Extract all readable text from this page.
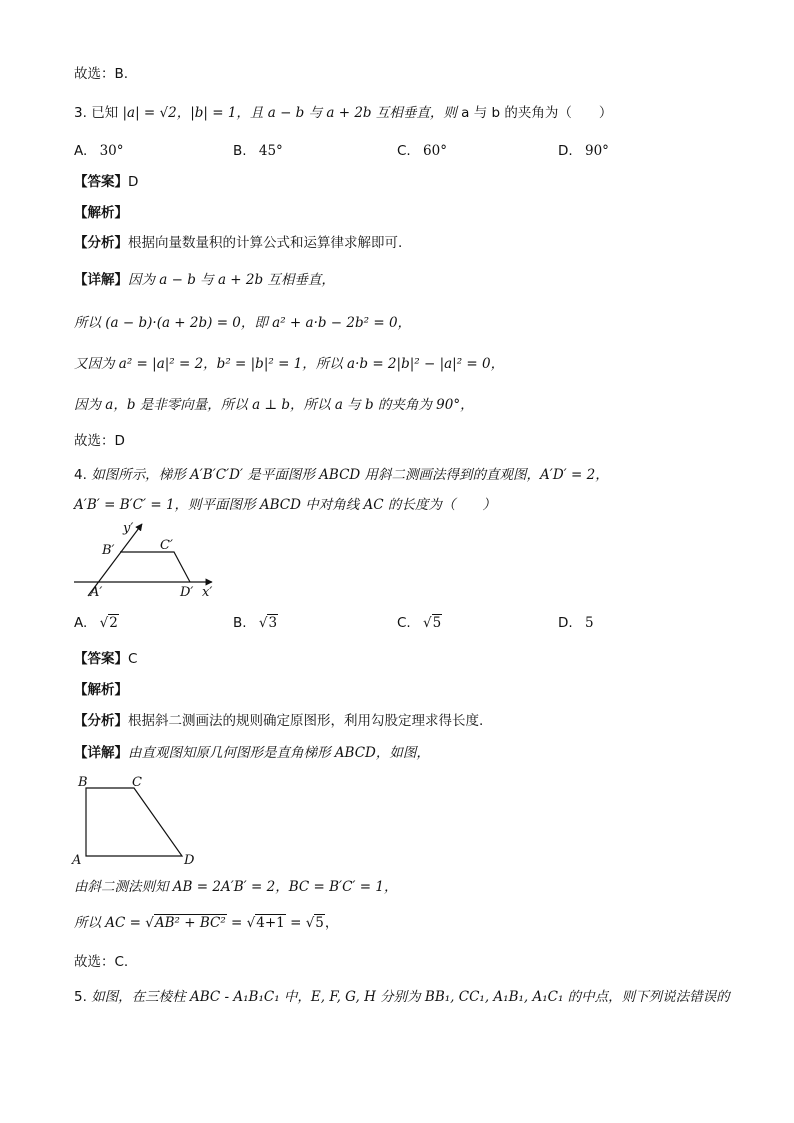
故选：B.
3. 已知 |a| = √2，|b| = 1，且 a − b 与 a + 2b 互相垂直，则 a 与 b 的夹角为（　　）
A. 30°	B. 45°	C. 60°	D. 90°
【答案】D
【解析】
【分析】根据向量数量积的计算公式和运算律求解即可.
【详解】因为 a − b 与 a + 2b 互相垂直，
所以 (a − b)·(a + 2b) = 0，即 a² + a·b − 2b² = 0，
又因为 a² = |a|² = 2，b² = |b|² = 1，所以 a·b = 2|b|² − |a|² = 0，
因为 a，b 是非零向量，所以 a ⊥ b，所以 a 与 b 的夹角为 90°，
故选：D
4. 如图所示，梯形 A′B′C′D′ 是平面图形 ABCD 用斜二测画法得到的直观图，A′D′ = 2，
A′B′ = B′C′ = 1，则平面图形 ABCD 中对角线 AC 的长度为（　　）
y′
B′	C′
A′	D′ x′
A. √2	B. √3	C. √5	D. 5
【答案】C
【解析】
【分析】根据斜二测画法的规则确定原图形，利用勾股定理求得长度.
【详解】由直观图知原几何图形是直角梯形 ABCD，如图，
B	C
A	D
由斜二测法则知 AB = 2A′B′ = 2，BC = B′C′ = 1，
所以 AC = √AB² + BC² = √4+1 = √5，
故选：C.
5. 如图，在三棱柱 ABC - A₁B₁C₁ 中，E, F, G, H 分别为 BB₁, CC₁, A₁B₁, A₁C₁ 的中点，则下列说法错误的
